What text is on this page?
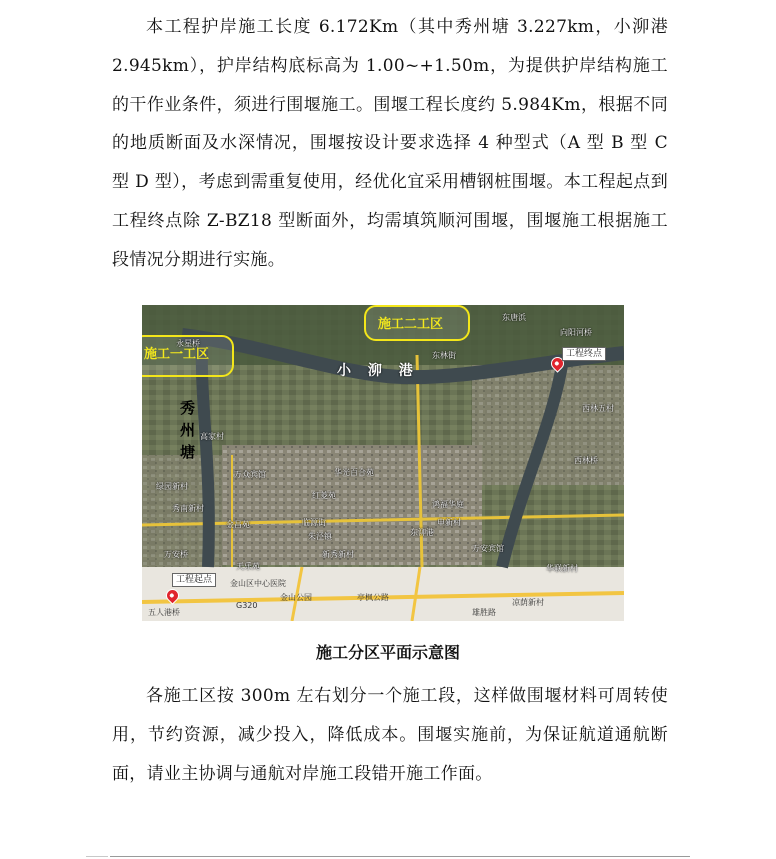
本工程护岸施工长度 6.172Km（其中秀州塘 3.227km，小泖港 2.945km），护岸结构底标高为 1.00~+1.50m，为提供护岸结构施工的干作业条件，须进行围堰施工。围堰工程长度约 5.984Km，根据不同的地质断面及水深情况，围堰按设计要求选择 4 种型式（A 型 B 型 C 型 D 型），考虑到需重复使用，经优化宜采用槽钢桩围堰。本工程起点到工程终点除 Z-BZ18 型断面外，均需填筑顺河围堰，围堰施工根据施工段情况分期进行实施。

施工一工区
施工二工区
小 泖 港
秀州塘
工程终点
工程起点
永星桥
东唐浜
向阳河桥
高家村
绿园新村
秀南新村
金昌苑
华光百合苑
红菱苑
鸿福华庭
临源街
朱泾镇
新秀新村
万安桥
天乐苑
万众宾馆
金山区中心医院
G320
亭枫公路
华联新村
西林五村
东林街
万安宾馆
凉荫新村
申新村
东泖港
五人港桥
金山公园
西林桥
雄胜路
施工分区平面示意图

各施工区按 300m 左右划分一个施工段，这样做围堰材料可周转使用，节约资源，减少投入，降低成本。围堰实施前，为保证航道通航断面，请业主协调与通航对岸施工段错开施工作面。
